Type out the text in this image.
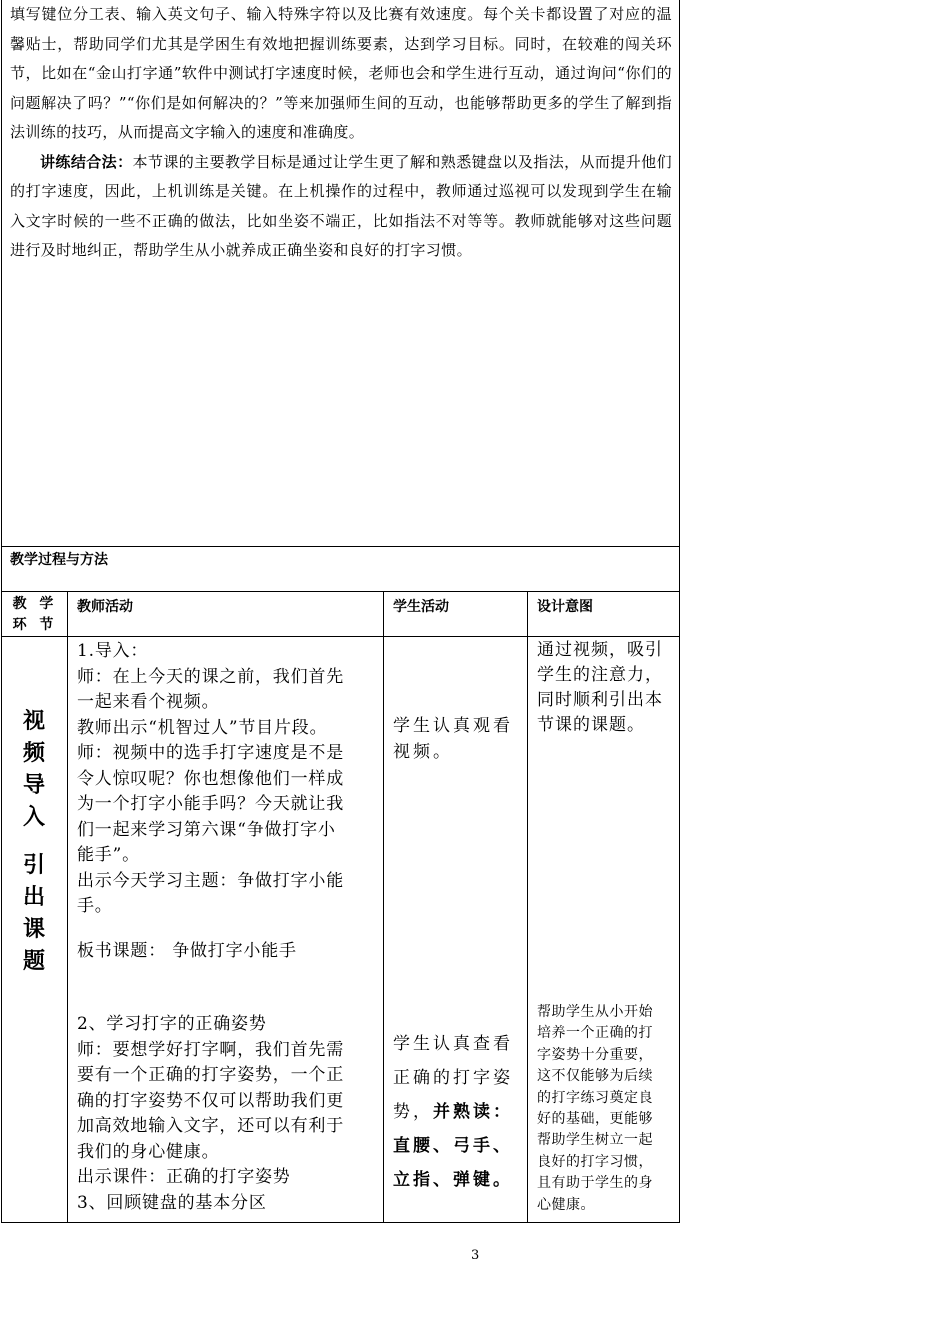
填写键位分工表、输入英文句子、输入特殊字符以及比赛有效速度。每个关卡都设置了对应的温馨贴士，帮助同学们尤其是学困生有效地把握训练要素，达到学习目标。同时，在较难的闯关环节，比如在“金山打字通”软件中测试打字速度时候，老师也会和学生进行互动，通过询问“你们的问题解决了吗？”“你们是如何解决的？”等来加强师生间的互动，也能够帮助更多的学生了解到指法训练的技巧，从而提高文字输入的速度和准确度。

讲练结合法：本节课的主要教学目标是通过让学生更了解和熟悉键盘以及指法，从而提升他们的打字速度，因此，上机训练是关键。在上机操作的过程中，教师通过巡视可以发现到学生在输入文字时候的一些不正确的做法，比如坐姿不端正，比如指法不对等等。教师就能够对这些问题进行及时地纠正，帮助学生从小就养成正确坐姿和良好的打字习惯。

教学过程与方法
教 学
环 节
教师活动	学生活动	设计意图
视
频
导
入
引
出
课
题
1.导入：
师：在上今天的课之前，我们首先
一起来看个视频。
教师出示“机智过人”节目片段。
师：视频中的选手打字速度是不是
令人惊叹呢？你也想像他们一样成
为一个打字小能手吗？今天就让我
们一起来学习第六课“争做打字小
能手”。
出示今天学习主题：争做打字小能
手。
板书课题： 争做打字小能手
2、学习打字的正确姿势
师：要想学好打字啊，我们首先需
要有一个正确的打字姿势，一个正
确的打字姿势不仅可以帮助我们更
加高效地输入文字，还可以有利于
我们的身心健康。
出示课件：正确的打字姿势
3、回顾键盘的基本分区
学生认真观看
视频。
学生认真查看
正确的打字姿
势，并熟读：
直腰、弓手、
立指、弹键。
通过视频，吸引
学生的注意力，
同时顺利引出本
节课的课题。
帮助学生从小开始
培养一个正确的打
字姿势十分重要，
这不仅能够为后续
的打字练习奠定良
好的基础，更能够
帮助学生树立一起
良好的打字习惯，
且有助于学生的身
心健康。
3
